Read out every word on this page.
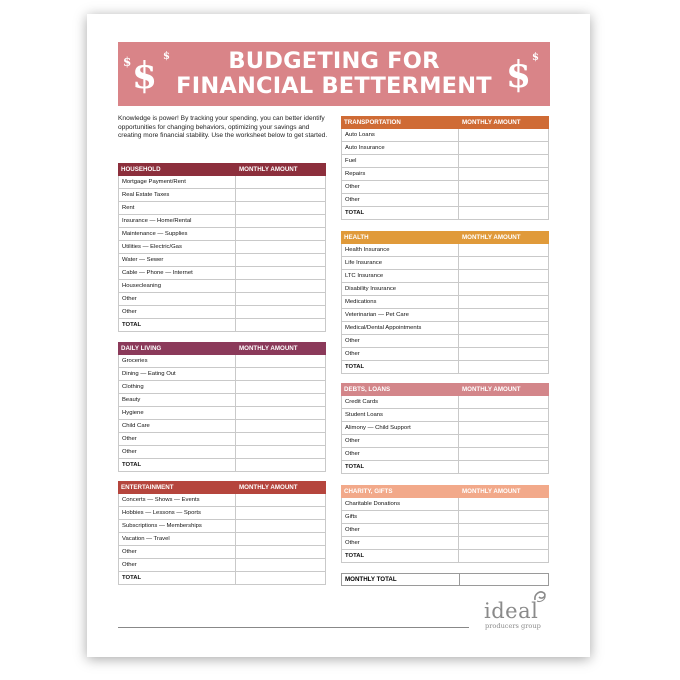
$
$	$	$ $
BUDGETING FOR
FINANCIAL BETTERMENT
Knowledge is power! By tracking your spending, you can better identify opportunities for changing behaviors, optimizing your savings and creating more financial stability. Use the worksheet below to get started.
HOUSEHOLD	MONTHLY AMOUNT
Mortgage Payment/Rent
Real Estate Taxes
Rent
Insurance — Home/Rental
Maintenance — Supplies
Utilities — Electric/Gas
Water — Sewer
Cable — Phone — Internet
Housecleaning
Other
Other
TOTAL
DAILY LIVING	MONTHLY AMOUNT
Groceries
Dining — Eating Out
Clothing
Beauty
Hygiene
Child Care
Other
Other
TOTAL
ENTERTAINMENT	MONTHLY AMOUNT
Concerts — Shows — Events
Hobbies — Lessons — Sports
Subscriptions — Memberships
Vacation — Travel
Other
Other
TOTAL
TRANSPORTATION	MONTHLY AMOUNT
Auto Loans
Auto Insurance
Fuel
Repairs
Other
Other
TOTAL
HEALTH	MONTHLY AMOUNT
Health Insurance
Life Insurance
LTC Insurance
Disability Insurance
Medications
Veterinarian — Pet Care
Medical/Dental Appointments
Other
Other
TOTAL
DEBTS, LOANS	MONTHLY AMOUNT
Credit Cards
Student Loans
Alimony — Child Support
Other
Other
TOTAL
CHARITY, GIFTS	MONTHLY AMOUNT
Charitable Donations
Gifts
Other
Other
TOTAL
MONTHLY TOTAL
ideal
producers group
